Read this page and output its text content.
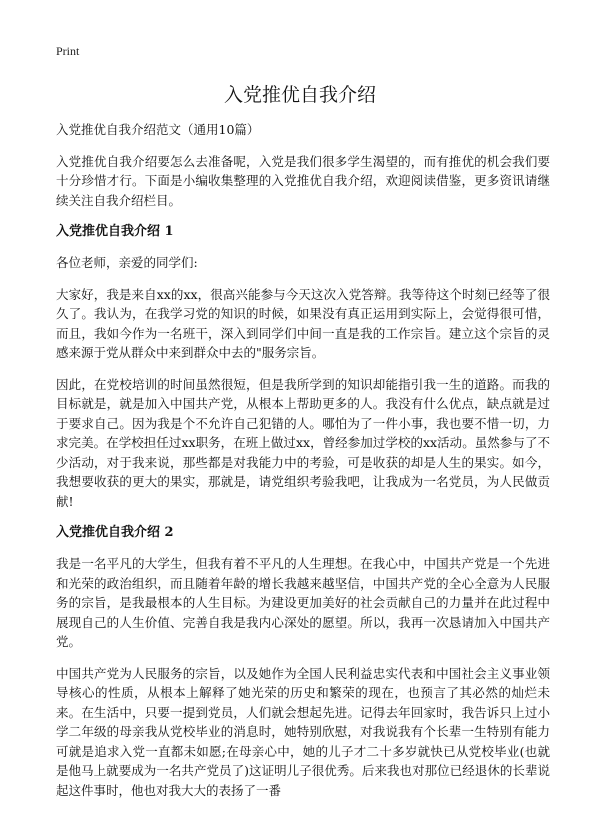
Print
入党推优自我介绍

入党推优自我介绍范文（通用10篇）

入党推优自我介绍要怎么去准备呢，入党是我们很多学生渴望的，而有推优的机会我们要十分珍惜才行。下面是小编收集整理的入党推优自我介绍，欢迎阅读借鉴，更多资讯请继续关注自我介绍栏目。

入党推优自我介绍 1

各位老师，亲爱的同学们:

大家好，我是来自xx的xx，很高兴能参与今天这次入党答辩。我等待这个时刻已经等了很久了。我认为，在我学习党的知识的时候，如果没有真正运用到实际上，会觉得很可惜，而且，我如今作为一名班干，深入到同学们中间一直是我的工作宗旨。建立这个宗旨的灵感来源于党从群众中来到群众中去的"服务宗旨。

因此，在党校培训的时间虽然很短，但是我所学到的知识却能指引我一生的道路。而我的目标就是，就是加入中国共产党，从根本上帮助更多的人。我没有什么优点，缺点就是过于要求自己。因为我是个不允许自己犯错的人。哪怕为了一件小事，我也要不惜一切，力求完美。在学校担任过xx职务，在班上做过xx，曾经参加过学校的xx活动。虽然参与了不少活动，对于我来说，那些都是对我能力中的考验，可是收获的却是人生的果实。如今，我想要收获的更大的果实，那就是，请党组织考验我吧，让我成为一名党员，为人民做贡献!

入党推优自我介绍 2

我是一名平凡的大学生，但我有着不平凡的人生理想。在我心中，中国共产党是一个先进和光荣的政治组织，而且随着年龄的增长我越来越坚信，中国共产党的全心全意为人民服务的宗旨，是我最根本的人生目标。为建设更加美好的社会贡献自己的力量并在此过程中展现自己的人生价值、完善自我是我内心深处的愿望。所以，我再一次恳请加入中国共产党。

中国共产党为人民服务的宗旨，以及她作为全国人民利益忠实代表和中国社会主义事业领导核心的性质，从根本上解释了她光荣的历史和繁荣的现在，也预言了其必然的灿烂未来。在生活中，只要一提到党员，人们就会想起先进。记得去年回家时，我告诉只上过小学二年级的母亲我从党校毕业的消息时，她特别欣慰，对我说我有个长辈一生特别有能力可就是追求入党一直都未如愿;在母亲心中，她的儿子才二十多岁就快已从党校毕业(也就是他马上就要成为一名共产党员了)这证明儿子很优秀。后来我也对那位已经退休的长辈说起这件事时，他也对我大大的表扬了一番
